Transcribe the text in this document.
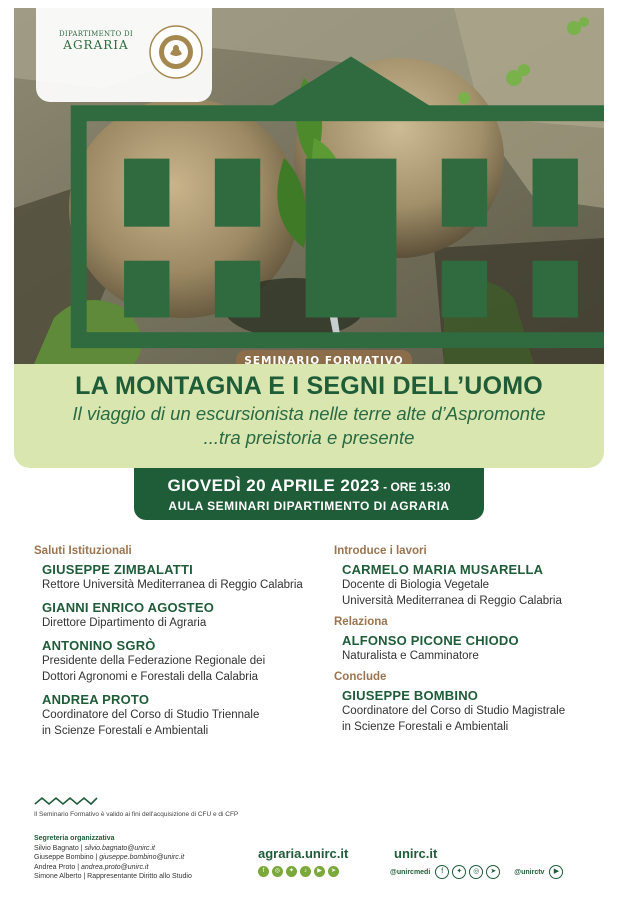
DIPARTIMENTO DI
AGRARIA
SEMINARIO FORMATIVO
LA MONTAGNA E I SEGNI DELL’UOMO
Il viaggio di un escursionista nelle terre alte d’Aspromonte
...tra preistoria e presente
GIOVEDÌ 20 APRILE 2023 - ORE 15:30
AULA SEMINARI DIPARTIMENTO DI AGRARIA
Saluti Istituzionali
GIUSEPPE ZIMBALATTI
Rettore Università Mediterranea di Reggio Calabria
GIANNI ENRICO AGOSTEO
Direttore Dipartimento di Agraria
ANTONINO SGRÒ
Presidente della Federazione Regionale dei
Dottori Agronomi e Forestali della Calabria
ANDREA PROTO
Coordinatore del Corso di Studio Triennale
in Scienze Forestali e Ambientali
Introduce i lavori
CARMELO MARIA MUSARELLA
Docente di Biologia Vegetale
Università Mediterranea di Reggio Calabria
Relaziona
ALFONSO PICONE CHIODO
Naturalista e Camminatore
Conclude
GIUSEPPE BOMBINO
Coordinatore del Corso di Studio Magistrale
in Scienze Forestali e Ambientali
Il Seminario Formativo è valido ai fini dell'acquisizione di CFU e di CFP
Segreteria organizzativa
Silvio Bagnato | silvio.bagnato@unirc.it
Giuseppe Bombino | giuseppe.bombino@unirc.it
Andrea Proto | andrea.proto@unirc.it
Simone Alberto | Rappresentante Diritto allo Studio
agraria.unirc.it
f	◎	✦	♪	▶	➤
unirc.it
@unircmedi	f	✦	◎	➤	@unirctv	▶
